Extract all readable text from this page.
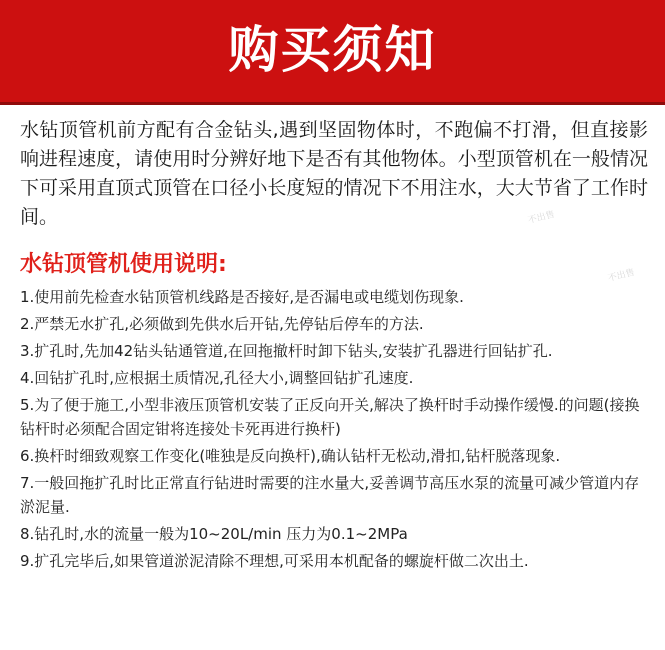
购买须知

水钻顶管机前方配有合金钻头,遇到坚固物体时，不跑偏不打滑，但直接影响进程速度，请使用时分辨好地下是否有其他物体。小型顶管机在一般情况下可采用直顶式顶管在口径小长度短的情况下不用注水，大大节省了工作时间。

水钻顶管机使用说明:
1.使用前先检查水钻顶管机线路是否接好,是否漏电或电缆划伤现象.
2.严禁无水扩孔,必须做到先供水后开钻,先停钻后停车的方法.
3.扩孔时,先加42钻头钻通管道,在回拖撤杆时卸下钻头,安装扩孔器进行回钻扩孔.
4.回钻扩孔时,应根据土质情况,孔径大小,调整回钻扩孔速度.
5.为了便于施工,小型非液压顶管机安装了正反向开关,解决了换杆时手动操作缓慢.的问题(接换钻杆时必须配合固定钳将连接处卡死再进行换杆)
6.换杆时细致观察工作变化(唯独是反向换杆),确认钻杆无松动,滑扣,钻杆脱落现象.
7.一般回拖扩孔时比正常直行钻进时需要的注水量大,妥善调节高压水泵的流量可减少管道内存淤泥量.
8.钻孔时,水的流量一般为10~20L/min 压力为0.1~2MPa
9.扩孔完毕后,如果管道淤泥清除不理想,可采用本机配备的螺旋杆做二次出土.
不出售
不出售
